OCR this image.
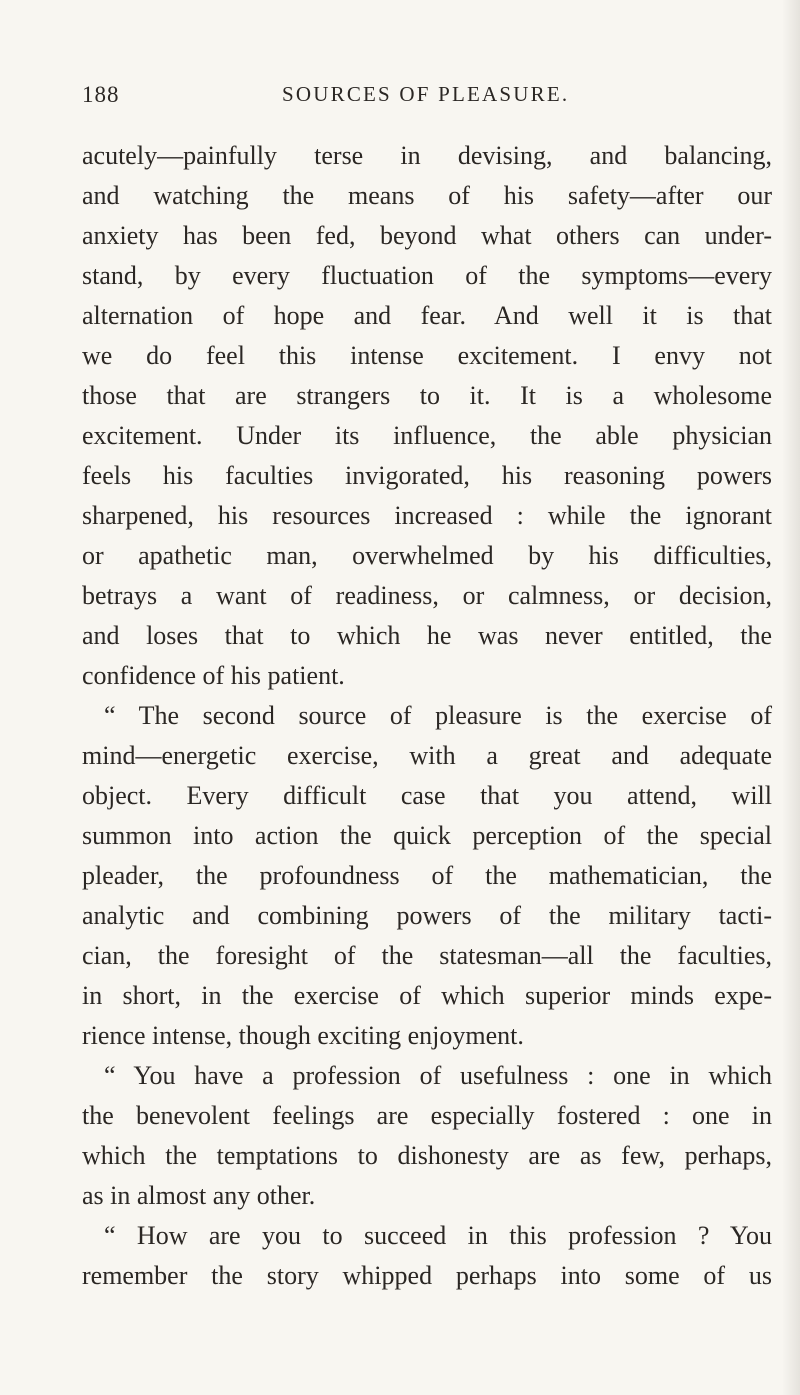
188	SOURCES OF PLEASURE.
acutely—painfully terse in devising, and balancing,
and watching the means of his safety—after our
anxiety has been fed, beyond what others can under-
stand, by every fluctuation of the symptoms—every
alternation of hope and fear. And well it is that
we do feel this intense excitement. I envy not
those that are strangers to it. It is a wholesome
excitement. Under its influence, the able physician
feels his faculties invigorated, his reasoning powers
sharpened, his resources increased : while the ignorant
or apathetic man, overwhelmed by his difficulties,
betrays a want of readiness, or calmness, or decision,
and loses that to which he was never entitled, the
confidence of his patient.
“ The second source of pleasure is the exercise of
mind—energetic exercise, with a great and adequate
object. Every difficult case that you attend, will
summon into action the quick perception of the special
pleader, the profoundness of the mathematician, the
analytic and combining powers of the military tacti-
cian, the foresight of the statesman—all the faculties,
in short, in the exercise of which superior minds expe-
rience intense, though exciting enjoyment.
“ You have a profession of usefulness : one in which
the benevolent feelings are especially fostered : one in
which the temptations to dishonesty are as few, perhaps,
as in almost any other.
“ How are you to succeed in this profession ? You
remember the story whipped perhaps into some of us
